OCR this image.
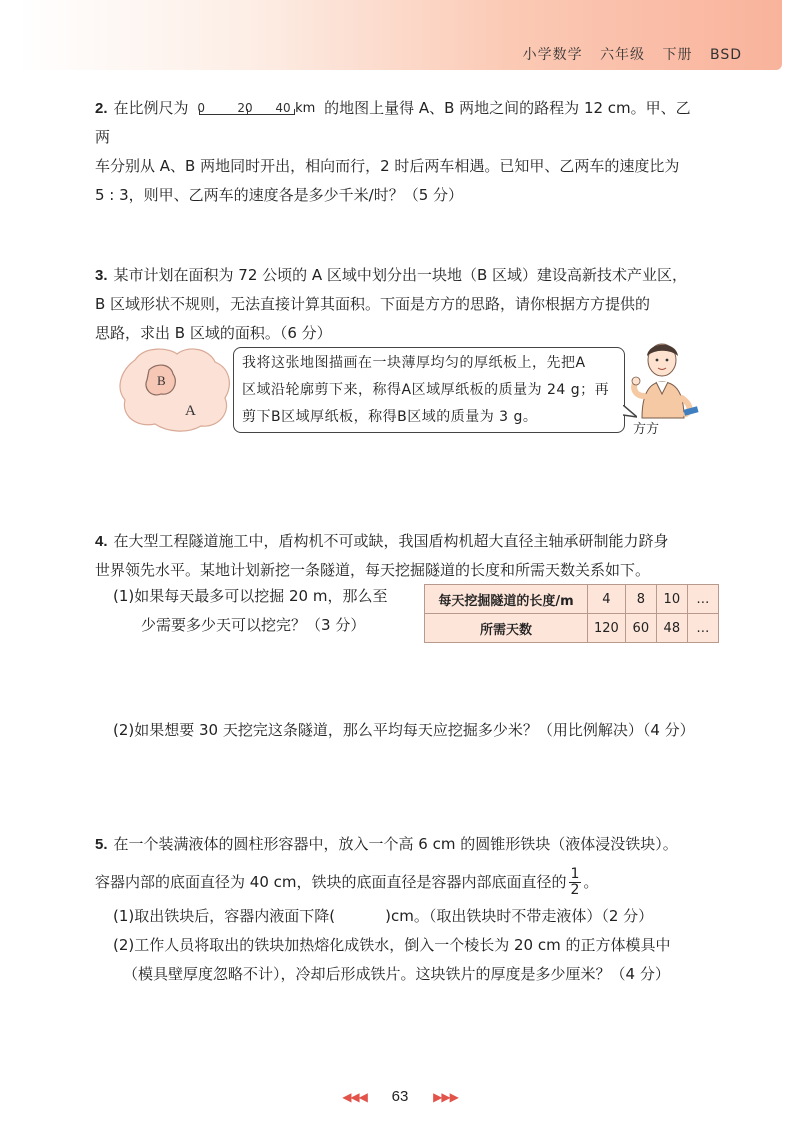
小学数学 六年级 下册 BSD
2. 在比例尺为 0	20 40 km 的地图上量得 A、B 两地之间的路程为 12 cm。甲、乙两
车分别从 A、B 两地同时开出，相向而行，2 时后两车相遇。已知甲、乙两车的速度比为
5 : 3，则甲、乙两车的速度各是多少千米/时？（5 分）
3. 某市计划在面积为 72 公顷的 A 区域中划分出一块地（B 区域）建设高新技术产业区，
B 区域形状不规则，无法直接计算其面积。下面是方方的思路，请你根据方方提供的
思路，求出 B 区域的面积。（6 分）
B
A
我将这张地图描画在一块薄厚均匀的厚纸板上，先把A
区域沿轮廓剪下来，称得A区域厚纸板的质量为 24 g；再
剪下B区域厚纸板，称得B区域的质量为 3 g。
方方
4. 在大型工程隧道施工中，盾构机不可或缺，我国盾构机超大直径主轴承研制能力跻身
世界领先水平。某地计划新挖一条隧道，每天挖掘隧道的长度和所需天数关系如下。
(1)如果每天最多可以挖掘 20 m，那么至
少需要多少天可以挖完？（3 分）
每天挖掘隧道的长度/m	4	8	10	…
所需天数	120	60	48	…
(2)如果想要 30 天挖完这条隧道，那么平均每天应挖掘多少米？（用比例解决）（4 分）
5. 在一个装满液体的圆柱形容器中，放入一个高 6 cm 的圆锥形铁块（液体浸没铁块）。
容器内部的底面直径为 40 cm，铁块的底面直径是容器内部底面直径的 $\frac{1}{2}$ 。
(1)取出铁块后，容器内液面下降(	)cm。（取出铁块时不带走液体）（2 分）
(2)工作人员将取出的铁块加热熔化成铁水，倒入一个棱长为 20 cm 的正方体模具中
（模具壁厚度忽略不计），冷却后形成铁片。这块铁片的厚度是多少厘米？（4 分）
◀◀◀ 63 ▶▶▶
